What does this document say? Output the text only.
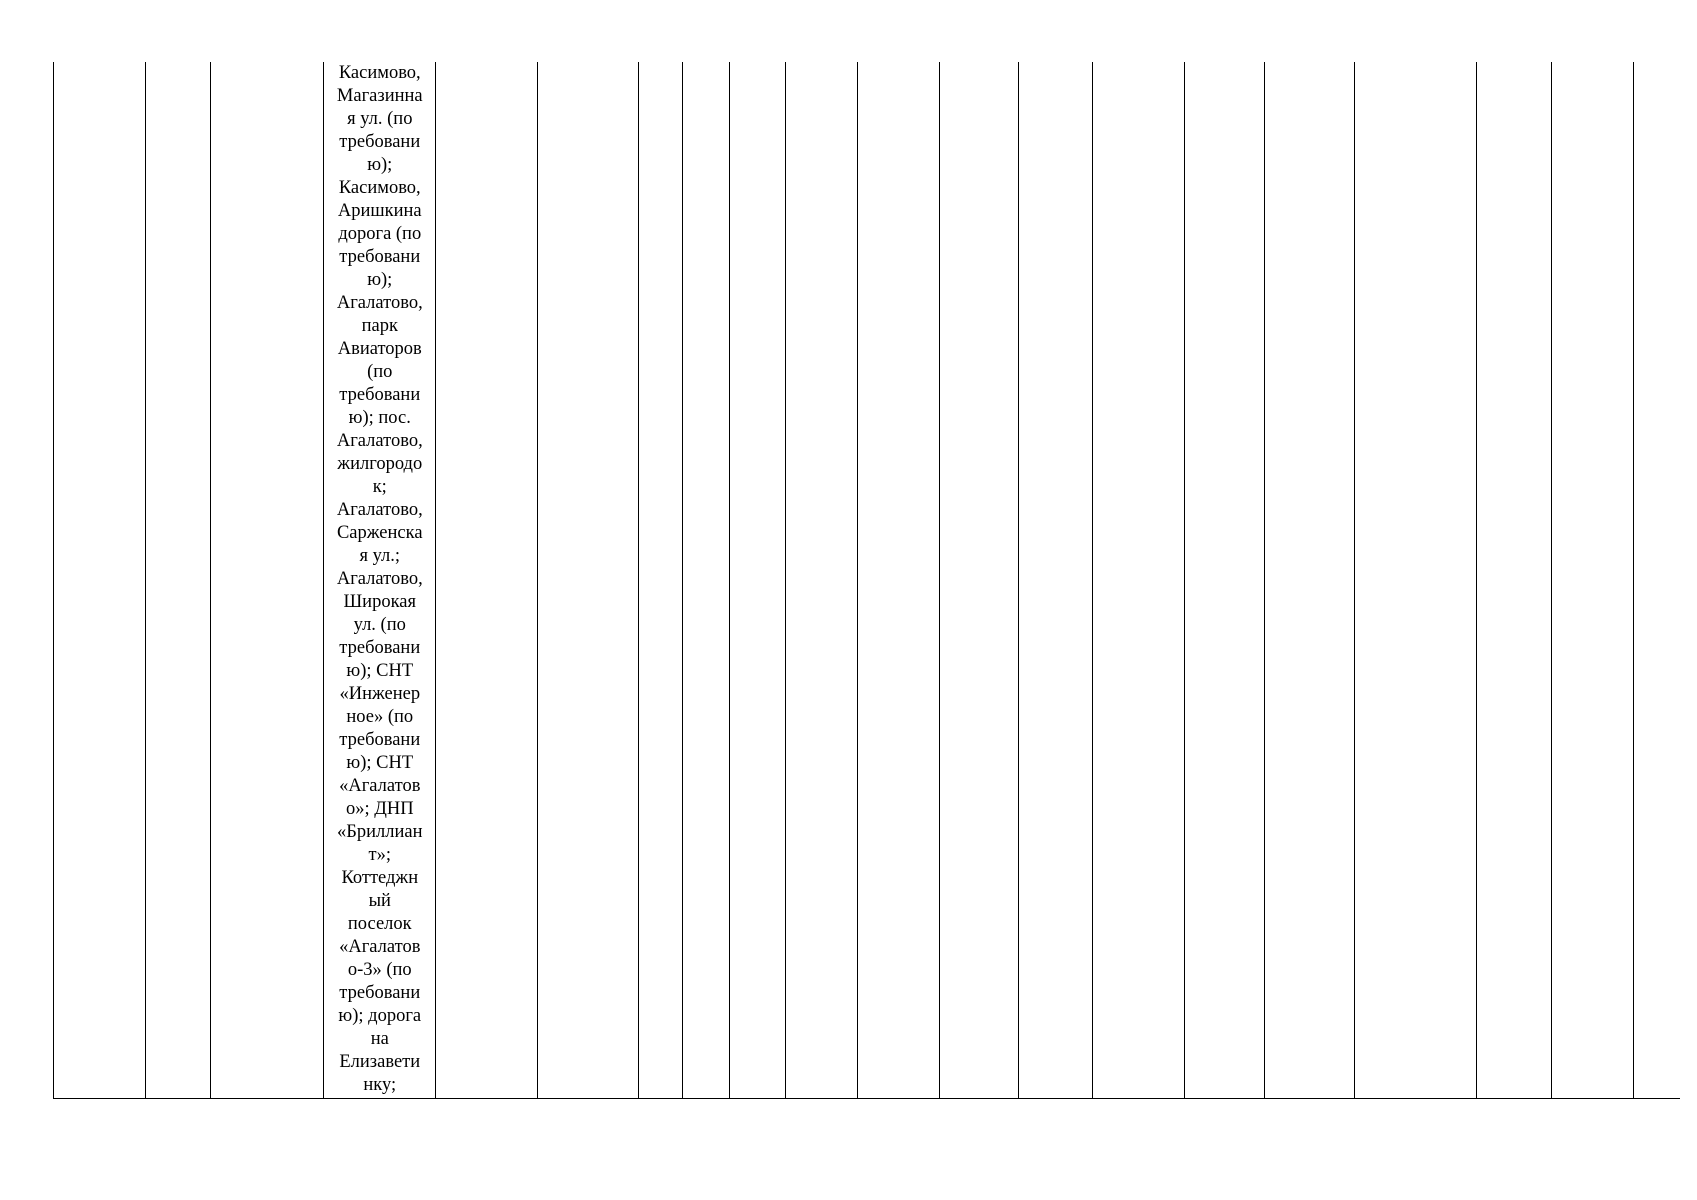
Касимово,
Магазинна
я ул. (по
требовани
ю);
Касимово,
Аришкина
дорога (по
требовани
ю);
Агалатово,
парк
Авиаторов
(по
требовани
ю); пос.
Агалатово,
жилгородо
к;
Агалатово,
Сарженска
я ул.;
Агалатово,
Широкая
ул. (по
требовани
ю); СНТ
«Инженер
ное» (по
требовани
ю); СНТ
«Агалатов
о»; ДНП
«Бриллиан
т»;
Коттеджн
ый
поселок
«Агалатов
о-3» (по
требовани
ю); дорога
на
Елизавети
нку;
